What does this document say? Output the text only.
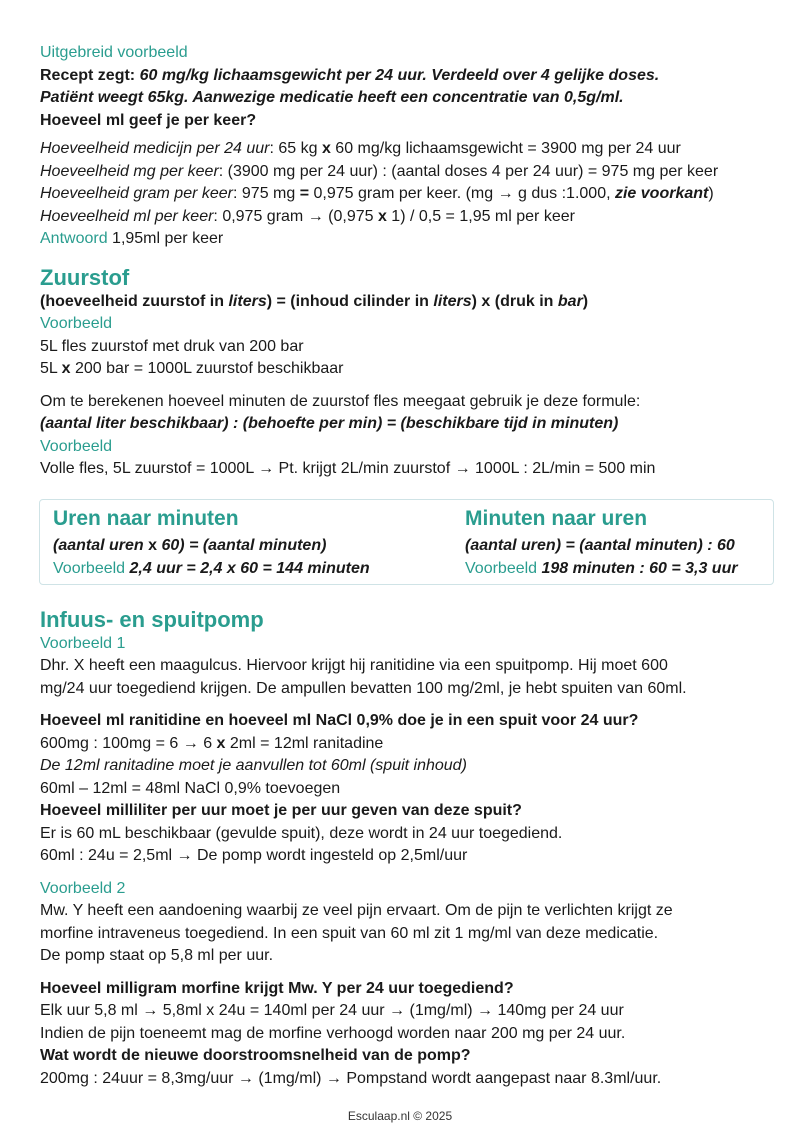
Uitgebreid voorbeeld
Recept zegt: 60 mg/kg lichaamsgewicht per 24 uur. Verdeeld over 4 gelijke doses.
Patiënt weegt 65kg. Aanwezige medicatie heeft een concentratie van 0,5g/ml.
Hoeveel ml geef je per keer?
Hoeveelheid medicijn per 24 uur: 65 kg x 60 mg/kg lichaamsgewicht = 3900 mg per 24 uur
Hoeveelheid mg per keer: (3900 mg per 24 uur) : (aantal doses 4 per 24 uur) = 975 mg per keer
Hoeveelheid gram per keer: 975 mg = 0,975 gram per keer. (mg → g dus :1.000, zie voorkant)
Hoeveelheid ml per keer: 0,975 gram → (0,975 x 1) / 0,5 = 1,95 ml per keer
Antwoord 1,95ml per keer
Zuurstof
(hoeveelheid zuurstof in liters) = (inhoud cilinder in liters) x (druk in bar)
Voorbeeld
5L fles zuurstof met druk van 200 bar
5L x 200 bar = 1000L zuurstof beschikbaar
Om te berekenen hoeveel minuten de zuurstof fles meegaat gebruik je deze formule:
(aantal liter beschikbaar) : (behoefte per min) = (beschikbare tijd in minuten)
Voorbeeld
Volle fles, 5L zuurstof = 1000L → Pt. krijgt 2L/min zuurstof → 1000L : 2L/min = 500 min
Uren naar minuten
(aantal uren x 60) = (aantal minuten)
Voorbeeld 2,4 uur = 2,4 x 60 = 144 minuten
Minuten naar uren
(aantal uren) = (aantal minuten) : 60
Voorbeeld 198 minuten : 60 = 3,3 uur
Infuus- en spuitpomp
Voorbeeld 1
Dhr. X heeft een maagulcus. Hiervoor krijgt hij ranitidine via een spuitpomp. Hij moet 600
mg/24 uur toegediend krijgen. De ampullen bevatten 100 mg/2ml, je hebt spuiten van 60ml.
Hoeveel ml ranitidine en hoeveel ml NaCl 0,9% doe je in een spuit voor 24 uur?
600mg : 100mg = 6 → 6 x 2ml = 12ml ranitadine
De 12ml ranitadine moet je aanvullen tot 60ml (spuit inhoud)
60ml – 12ml = 48ml NaCl 0,9% toevoegen
Hoeveel milliliter per uur moet je per uur geven van deze spuit?
Er is 60 mL beschikbaar (gevulde spuit), deze wordt in 24 uur toegediend.
60ml : 24u = 2,5ml → De pomp wordt ingesteld op 2,5ml/uur
Voorbeeld 2
Mw. Y heeft een aandoening waarbij ze veel pijn ervaart. Om de pijn te verlichten krijgt ze
morfine intraveneus toegediend. In een spuit van 60 ml zit 1 mg/ml van deze medicatie.
De pomp staat op 5,8 ml per uur.
Hoeveel milligram morfine krijgt Mw. Y per 24 uur toegediend?
Elk uur 5,8 ml → 5,8ml x 24u = 140ml per 24 uur → (1mg/ml) → 140mg per 24 uur
Indien de pijn toeneemt mag de morfine verhoogd worden naar 200 mg per 24 uur.
Wat wordt de nieuwe doorstroomsnelheid van de pomp?
200mg : 24uur = 8,3mg/uur → (1mg/ml) → Pompstand wordt aangepast naar 8.3ml/uur.
Esculaap.nl © 2025
